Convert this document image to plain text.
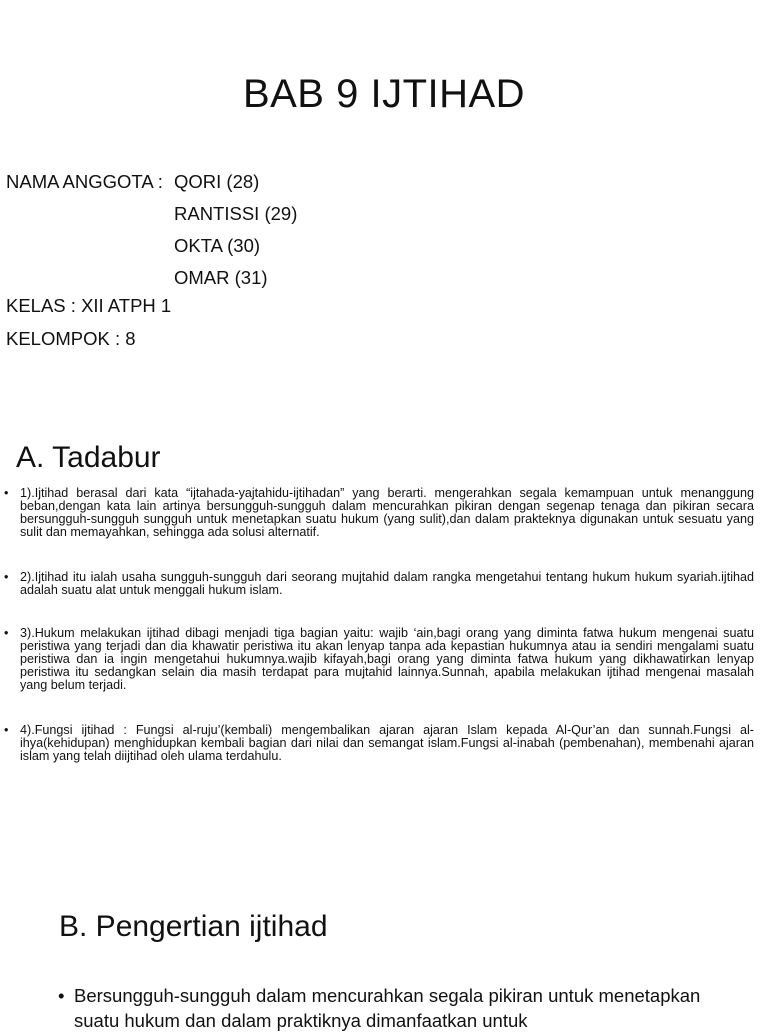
BAB 9 IJTIHAD
NAMA ANGGOTA : QORI (28)
RANTISSI (29)
OKTA (30)
OMAR (31)
KELAS : XII ATPH 1
KELOMPOK : 8
A. Tadabur
• 1).Ijtihad berasal dari kata “ijtahada-yajtahidu-ijtihadan” yang berarti. mengerahkan segala kemampuan untuk menanggung beban,dengan kata lain artinya bersungguh-sungguh dalam mencurahkan pikiran dengan segenap tenaga dan pikiran secara bersungguh-sungguh sungguh untuk menetapkan suatu hukum (yang sulit),dan dalam prakteknya digunakan untuk sesuatu yang sulit dan memayahkan, sehingga ada solusi alternatif.
• 2).Ijtihad itu ialah usaha sungguh-sungguh dari seorang mujtahid dalam rangka mengetahui tentang hukum hukum syariah.ijtihad adalah suatu alat untuk menggali hukum islam.
• 3).Hukum melakukan ijtihad dibagi menjadi tiga bagian yaitu: wajib ‘ain,bagi orang yang diminta fatwa hukum mengenai suatu peristiwa yang terjadi dan dia khawatir peristiwa itu akan lenyap tanpa ada kepastian hukumnya atau ia sendiri mengalami suatu peristiwa dan ia ingin mengetahui hukumnya.wajib kifayah,bagi orang yang diminta fatwa hukum yang dikhawatirkan lenyap peristiwa itu sedangkan selain dia masih terdapat para mujtahid lainnya.Sunnah, apabila melakukan ijtihad mengenai masalah yang belum terjadi.
• 4).Fungsi ijtihad : Fungsi al-ruju’(kembali) mengembalikan ajaran ajaran Islam kepada Al-Qur’an dan sunnah.Fungsi al-ihya(kehidupan) menghidupkan kembali bagian dari nilai dan semangat islam.Fungsi al-inabah (pembenahan), membenahi ajaran islam yang telah diijtihad oleh ulama terdahulu.
B. Pengertian ijtihad
• Bersungguh-sungguh dalam mencurahkan segala pikiran untuk menetapkan suatu hukum dan dalam praktiknya dimanfaatkan untuk
